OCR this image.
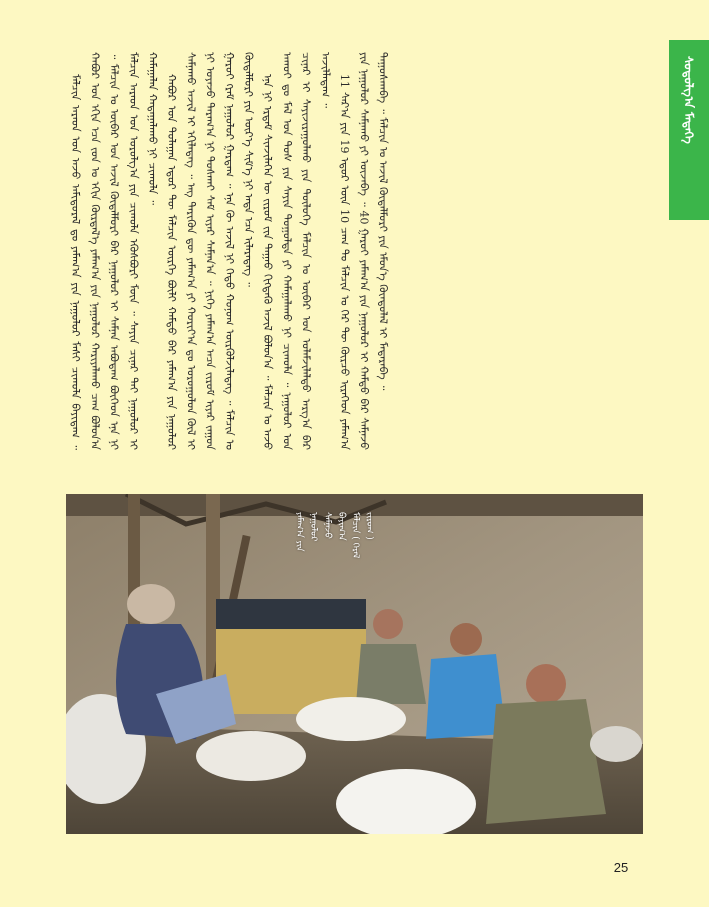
ᠰᠤᠳᠤᠯᠭ᠎ᠠ ᠮᠡᠳᠡᠭᠡ

ᠮᠠᠯᠴᠢᠨ ᠠᠷᠠᠳ ᠤᠨ ᠠᠵᠤ ᠠᠮᠢᠳᠤᠷᠠᠯ ᠳᠤ ᠶᠠᠮᠠᠭ᠎ᠠ ᠶᠢᠨ ᠨᠠᠭᠤᠯᠤᠷ ᠮᠠᠰᠢ ᠴᠢᠬᠤᠯᠠ ᠪᠠᠶᠢᠳᠠᠭ ᠃ ᠬᠠᠪᠤᠷ ᠤᠨ ᠡᠬᠢᠨ ᠡᠴᠡ ᠵᠤᠨ ᠤ ᠡᠬᠢᠨ ᠬᠦᠷᠲᠡᠯ᠎ᠡ ᠶᠠᠮᠠᠭ᠎ᠠ ᠶᠢᠨ ᠨᠠᠭᠤᠯᠤᠷ ᠬᠠᠷᠢᠶᠠᠯᠠᠬᠤ ᠴᠠᠭ ᠪᠣᠯᠤᠨ᠎ᠠ ᠃ ᠮᠠᠯᠴᠢᠨ ᠤ ᠥᠪᠡᠷ ᠤᠨ ᠠᠵᠢᠯ ᠬᠥᠳᠡᠯᠮᠦᠷᠢ ᠪᠡᠷ ᠨᠠᠭᠤᠯᠤᠷ ᠢ ᠰᠠᠮᠨᠠᠨ ᠠᠪᠤᠳᠠᠭ ᠪᠥᠭᠡᠳ ᠡᠨᠡ ᠨᠢ ᠮᠠᠯᠴᠢᠨ ᠠᠷᠠᠳ ᠤᠨ ᠣᠷᠤᠯᠭ᠎ᠠ ᠶᠢᠨ ᠴᠢᠬᠤᠯᠠ ᠡᠬᠦᠰᠪᠦᠷᠢ ᠮᠥᠨ ᠃ ᠰᠠᠶᠢᠨ ᠴᠢᠨᠠᠷ ᠲᠠᠶ ᠨᠠᠭᠤᠯᠤᠷ ᠢ ᠬᠠᠮᠠᠭᠠᠯᠠᠨ ᠬᠠᠳᠠᠭᠠᠯᠠᠬᠤ ᠨᠢ ᠴᠢᠬᠤᠯᠠ ᠃ ᠬᠠᠪᠤᠷ ᠤᠨ ᠳᠤᠯᠠᠭᠠᠨ ᠡᠳᠦᠷ ᠲᠦ ᠮᠠᠯᠴᠢᠨ ᠥᠷᠭᠡ ᠪᠦᠯᠢ ᠬᠠᠮᠲᠤ ᠪᠡᠷ ᠶᠠᠮᠠᠭ᠎ᠠ ᠶᠢᠨ ᠨᠠᠭᠤᠯᠤᠷ ᠰᠠᠮᠨᠠᠬᠤ ᠠᠵᠢᠯ ᠢ ᠡᠬᠢᠯᠡᠳᠡᠭ ᠃ ᠡᠩ ᠲᠡᠷᠢᠭᠦᠨ ᠳᠦ ᠶᠠᠮᠠᠭ᠎ᠠ ᠶᠢ ᠬᠣᠷᠢᠶ᠎ᠠ ᠳᠤ ᠤᠷᠤᠭᠤᠯᠤᠨ ᠬᠥᠯ ᠢ ᠨᠢ ᠤᠶᠠᠵᠤ ᠳᠠᠷᠠᠭ᠎ᠠ ᠨᠢ ᠲᠤᠰᠭᠠᠢ ᠰᠠᠮ ᠢᠶᠠᠷ ᠰᠠᠮᠨᠠᠨ᠎ᠠ ᠃ ᠨᠢᠭᠡ ᠶᠠᠮᠠᠭ᠎ᠠ ᠠᠴᠠ ᠵᠢᠷᠤᠮ ᠢᠶᠠᠷ ᠵᠠᠭᠤᠨ ᠭᠠᠷᠤᠢ ᠭᠷᠡᠮ ᠨᠠᠭᠤᠯᠤᠷ ᠭᠠᠷᠳᠠᠭ ᠃ ᠡᠨᠡ ᠬᠦ ᠠᠵᠢᠯ ᠨᠢ ᠬᠡᠳᠦ ᠬᠣᠨᠤᠭ ᠦᠷᠭᠦᠯᠵᠢᠯᠡᠳᠡᠭ ᠃ ᠮᠠᠯᠴᠢᠨ ᠤ ᠬᠥᠳᠡᠯᠮᠦᠷᠢ ᠶᠢᠨ ᠦᠷ᠎ᠡ ᠰᠢᠮ᠎ᠡ ᠨᠢ ᠡᠨᠳᠡ ᠡᠴᠡ ᠢᠯᠡᠷᠡᠳᠡᠭ ᠃ ᠡᠨᠡ ᠨᠢ ᠡᠷᠳᠡᠮ ᠰᠢᠨᠵᠢᠯᠡᠭᠡᠨ ᠦ ᠵᠢᠷᠤᠮ ᠵᠢᠨ ᠳᠠᠭᠠᠤ ᠬᠢᠭᠳᠡᠬᠦ ᠠᠵᠢᠯ ᠪᠣᠯᠤᠨ᠎ᠠ ᠃ ᠮᠠᠯᠴᠢᠨ ᠤ ᠠᠵᠤ ᠠᠬᠤᠢ ᠳᠤ ᠮᠠᠯ ᠤᠨ ᠲᠤᠰ ᠶᠢᠨ ᠰᠠᠶᠢᠨ ᠲᠤᠭᠤᠯᠳᠠ ᠶᠢ ᠬᠠᠮᠠᠭᠠᠯᠠᠬᠤ ᠨᠢ ᠴᠢᠬᠤᠯᠠ ᠃ ᠨᠠᠭᠤᠯᠤᠷ ᠤᠨ ᠴᠢᠨᠠᠷ ᠢ ᠰᠠᠶᠢᠵᠢᠷᠠᠭᠤᠯᠬᠤ ᠶᠢᠨ ᠲᠥᠯᠦᠭᠡ ᠮᠠᠯᠴᠢᠨ ᠤ ᠥᠪᠡᠷ ᠤᠨ ᠤᠯᠠᠮᠵᠢᠯᠠᠯᠲᠤ ᠠᠷᠭ᠎ᠠ ᠪᠠᠷ ᠠᠵᠢᠯᠯᠠᠳᠠᠭ ᠃ 11 ᠰᠠᠷ᠎ᠠ ᠶᠢᠨ 19 ᠡᠳᠦᠷ ᠦᠨ 10 ᠴᠠᠭ ᠲᠤ ᠮᠠᠯᠴᠢᠨ ᠤ ᠭᠡᠷ ᠲᠦ ᠬᠦᠷᠴᠦ ᠢᠷᠡᠭᠡᠳ ᠶᠠᠮᠠᠭ᠎ᠠ ᠶᠢᠨ ᠨᠠᠭᠤᠯᠤᠷ ᠰᠠᠮᠨᠠᠬᠤ ᠶᠢ ᠦᠵᠡᠪᠡ ᠃ 40 ᠭᠠᠷᠤᠢ ᠶᠠᠮᠠᠭ᠎ᠠ ᠶᠢᠨ ᠨᠠᠭᠤᠯᠤᠷ ᠢ ᠬᠠᠮᠲᠤ ᠪᠡᠷ ᠰᠠᠮᠨᠠᠵᠤ ᠳᠠᠭᠤᠰᠭᠠᠪᠠ ᠃ ᠮᠠᠯᠴᠢᠨ ᠤ ᠠᠵᠢᠯ ᠬᠥᠳᠡᠯᠮᠦᠷᠢ ᠶᠢᠨ ᠡᠮᠦᠨ᠎ᠡ ᠬᠦᠨᠳᠦᠯᠡᠯ ᠢ ᠮᠡᠳᠡᠷᠡᠪᠡ ᠃

ᠶᠠᠮᠠᠭ᠎ᠠ ᠶᠢᠨ ᠨᠠᠭᠤᠯᠤᠷ ᠰᠠᠮᠨᠠᠵᠤ ᠪᠠᠶᠢᠭ᠎ᠠ ᠮᠠᠯᠴᠢᠨ ( ᠭᠡᠷᠡᠯ ᠵᠢᠷᠤᠭ )
25
